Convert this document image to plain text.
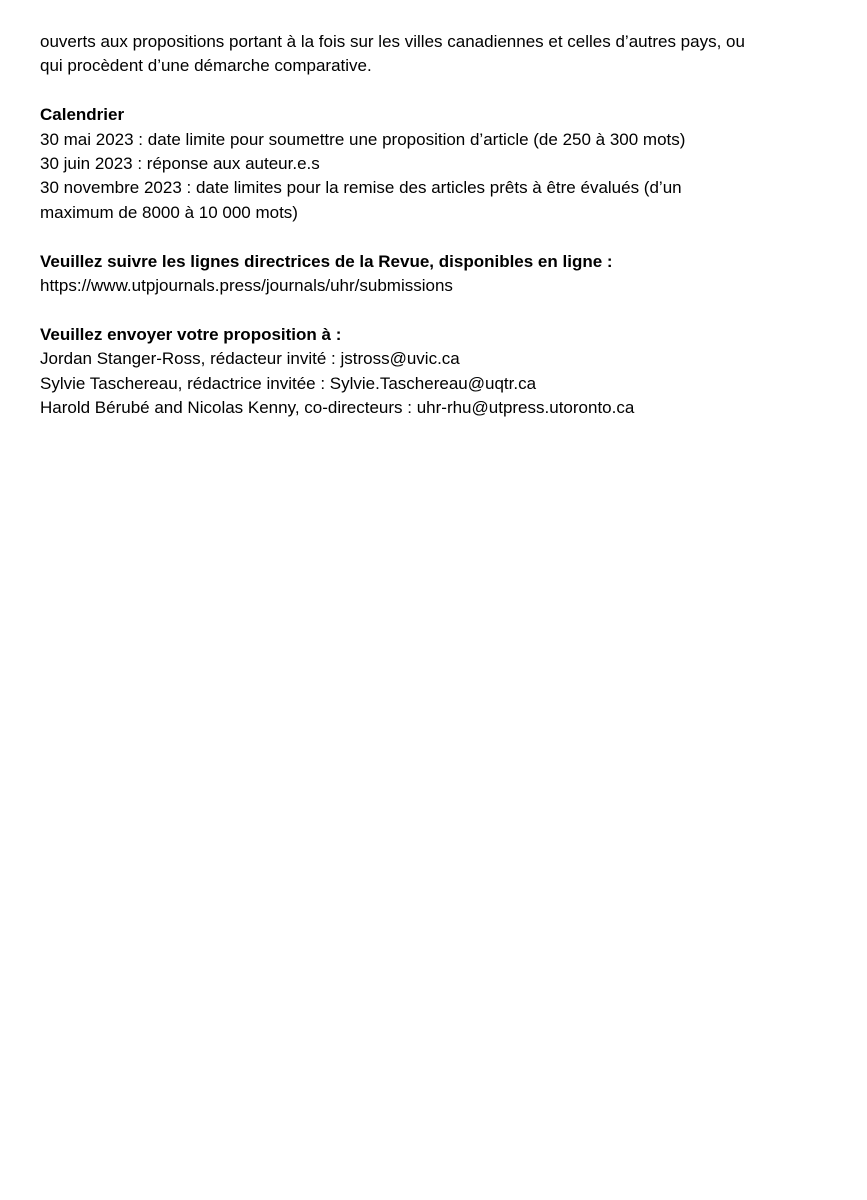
ouverts aux propositions portant à la fois sur les villes canadiennes et celles d’autres pays, ou
qui procèdent d’une démarche comparative.
Calendrier
30 mai 2023 : date limite pour soumettre une proposition d’article (de 250 à 300 mots)
30 juin 2023 : réponse aux auteur.e.s
30 novembre 2023 : date limites pour la remise des articles prêts à être évalués (d’un
maximum de 8000 à 10 000 mots)
Veuillez suivre les lignes directrices de la Revue, disponibles en ligne :
https://www.utpjournals.press/journals/uhr/submissions
Veuillez envoyer votre proposition à :
Jordan Stanger-Ross, rédacteur invité : jstross@uvic.ca
Sylvie Taschereau, rédactrice invitée : Sylvie.Taschereau@uqtr.ca
Harold Bérubé and Nicolas Kenny, co-directeurs : uhr-rhu@utpress.utoronto.ca
